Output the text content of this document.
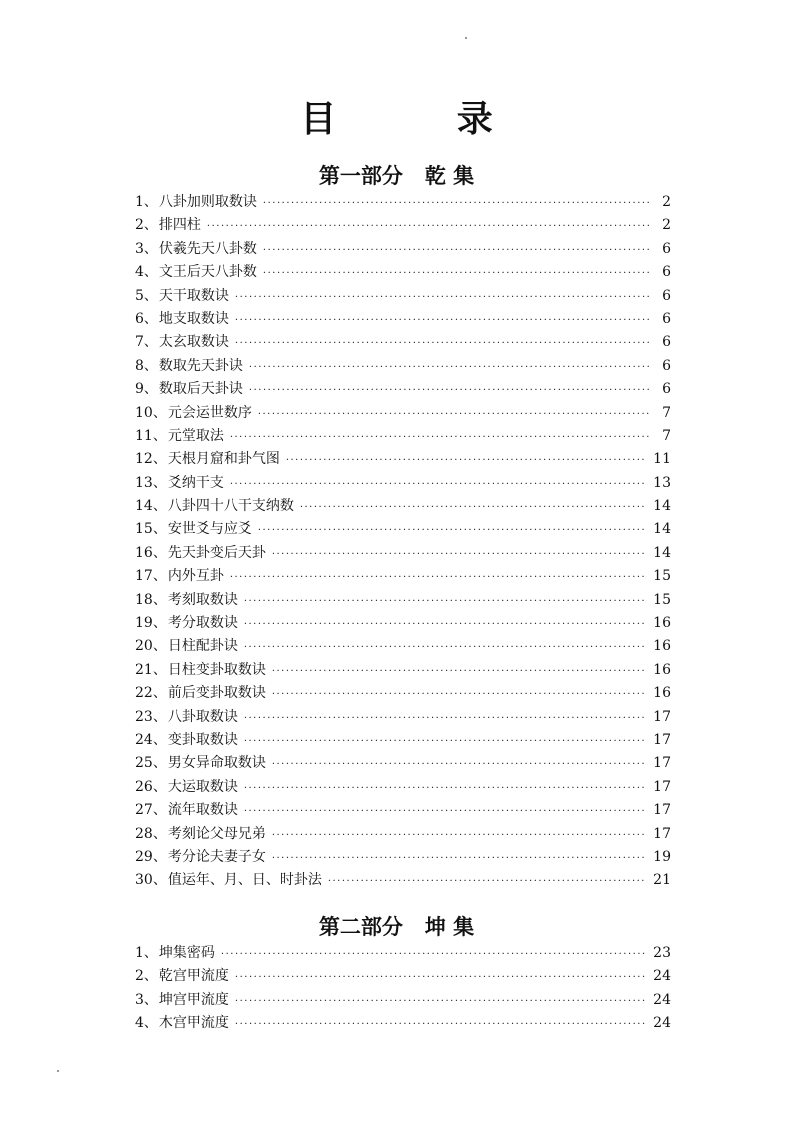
目 录
第一部分 乾 集
1 、 八卦加则取数诀 ·····	2
2 、 排四柱 ·····	2
3 、 伏羲先天八卦数 ·····	6
4 、 文王后天八卦数 ·····	6
5 、 天干取数诀 ·····	6
6 、 地支取数诀 ·····	6
7 、 太玄取数诀 ·····	6
8 、 数取先天卦诀 ·····	6
9 、 数取后天卦诀 ·····	6
10 、 元会运世数序 ·····	7
11 、 元堂取法 ·····	7
12 、 天根月窟和卦气图 ·····	11
13 、 爻纳干支 ·····	13
14 、 八卦四十八干支纳数 ·····	14
15 、 安世爻与应爻 ·····	14
16 、 先天卦变后天卦 ·····	14
17 、 内外互卦 ·····	15
18 、 考刻取数诀 ·····	15
19 、 考分取数诀 ·····	16
20 、 日柱配卦诀 ·····	16
21 、 日柱变卦取数诀 ·····	16
22 、 前后变卦取数诀 ·····	16
23 、 八卦取数诀 ·····	17
24 、 变卦取数诀 ·····	17
25 、 男女异命取数诀 ·····	17
26 、 大运取数诀 ·····	17
27 、 流年取数诀 ·····	17
28 、 考刻论父母兄弟 ·····	17
29 、 考分论夫妻子女 ·····	19
30 、 值运年、月、日、时卦法 ·····	21
第二部分 坤 集
1 、 坤集密码 ·····	23
2 、 乾宫甲流度 ·····	24
3 、 坤宫甲流度 ·····	24
4 、 木宫甲流度 ·····	24
